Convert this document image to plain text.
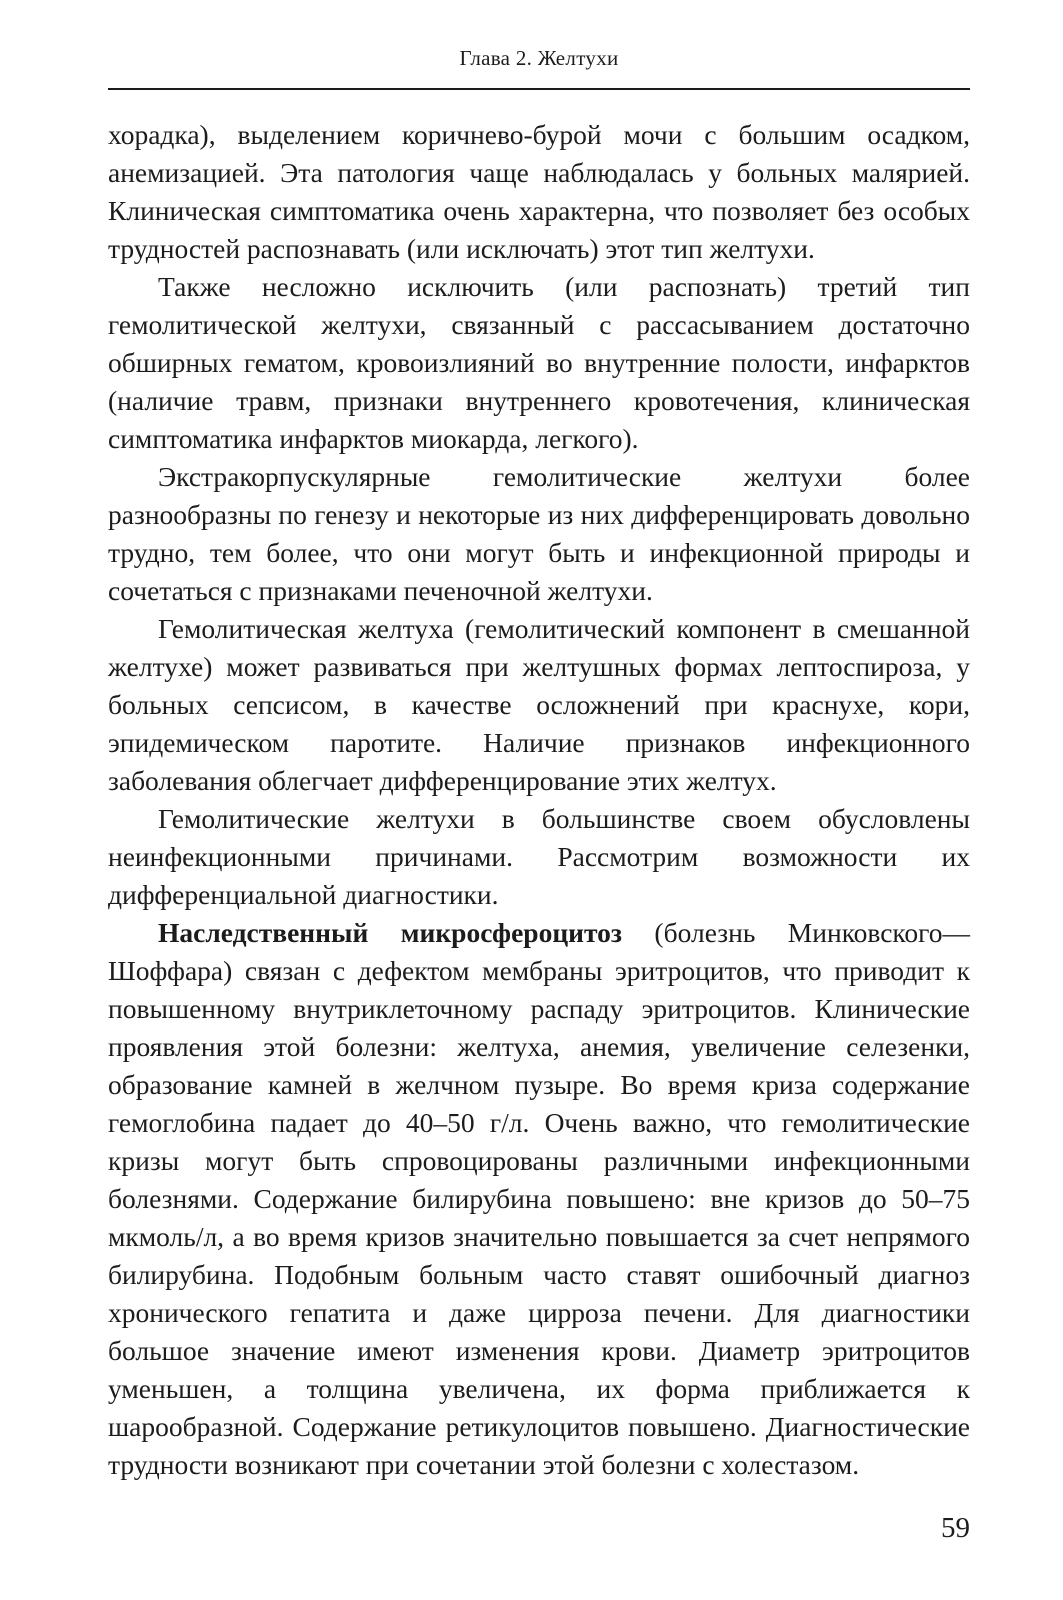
Глава 2. Желтухи

хорадка), выделением коричнево-бурой мочи с большим осадком, анемизацией. Эта патология чаще наблюдалась у больных малярией. Клиническая симптоматика очень характерна, что позволяет без особых трудностей распознавать (или исключать) этот тип желтухи.

Также несложно исключить (или распознать) третий тип гемолитической желтухи, связанный с рассасыванием достаточно обширных гематом, кровоизлияний во внутренние полости, инфарктов (наличие травм, признаки внутреннего кровотечения, клиническая симптоматика инфарктов миокарда, легкого).

Экстракорпускулярные гемолитические желтухи более разнообразны по генезу и некоторые из них дифференцировать довольно трудно, тем более, что они могут быть и инфекционной природы и сочетаться с признаками печеночной желтухи.

Гемолитическая желтуха (гемолитический компонент в смешанной желтухе) может развиваться при желтушных формах лептоспироза, у больных сепсисом, в качестве осложнений при краснухе, кори, эпидемическом паротите. Наличие признаков инфекционного заболевания облегчает дифференцирование этих желтух.

Гемолитические желтухи в большинстве своем обусловлены неинфекционными причинами. Рассмотрим возможности их дифференциальной диагностики.

Наследственный микросфероцитоз (болезнь Минковского—Шоффара) связан с дефектом мембраны эритроцитов, что приводит к повышенному внутриклеточному распаду эритроцитов. Клинические проявления этой болезни: желтуха, анемия, увеличение селезенки, образование камней в желчном пузыре. Во время криза содержание гемоглобина падает до 40–50 г/л. Очень важно, что гемолитические кризы могут быть спровоцированы различными инфекционными болезнями. Содержание билирубина повышено: вне кризов до 50–75 мкмоль/л, а во время кризов значительно повышается за счет непрямого билирубина. Подобным больным часто ставят ошибочный диагноз хронического гепатита и даже цирроза печени. Для диагностики большое значение имеют изменения крови. Диаметр эритроцитов уменьшен, а толщина увеличена, их форма приближается к шарообразной. Содержание ретикулоцитов повышено. Диагностические трудности возникают при сочетании этой болезни с холестазом.

59
